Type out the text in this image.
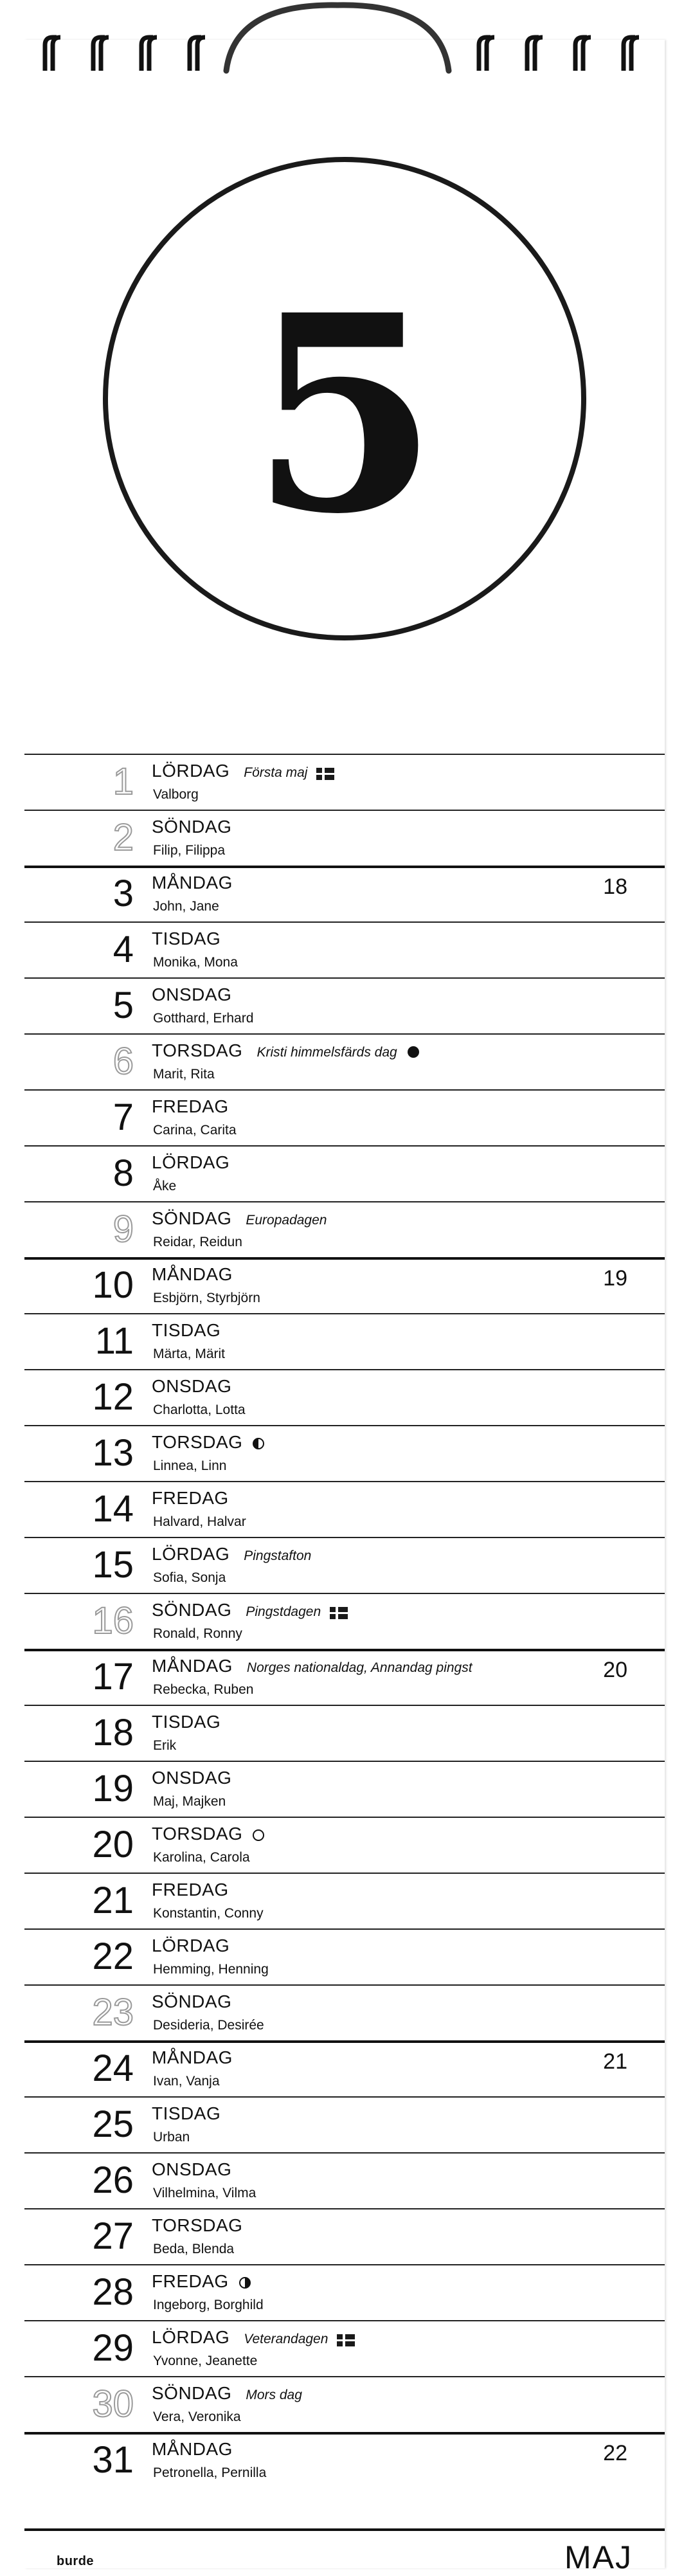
5
1 LÖRDAG Första maj
Valborg
2 SÖNDAG
Filip, Filippa
3 MÅNDAG
John, Jane
18
4 TISDAG
Monika, Mona
5 ONSDAG
Gotthard, Erhard
6 TORSDAG Kristi himmelsfärds dag
Marit, Rita
7 FREDAG
Carina, Carita
8 LÖRDAG
Åke
9 SÖNDAG Europadagen
Reidar, Reidun
10 MÅNDAG
Esbjörn, Styrbjörn
19
11 TISDAG
Märta, Märit
12 ONSDAG
Charlotta, Lotta
13 TORSDAG
Linnea, Linn
14 FREDAG
Halvard, Halvar
15 LÖRDAG Pingstafton
Sofia, Sonja
16 SÖNDAG Pingstdagen
Ronald, Ronny
17 MÅNDAG Norges nationaldag, Annandag pingst
Rebecka, Ruben
20
18 TISDAG
Erik
19 ONSDAG
Maj, Majken
20 TORSDAG
Karolina, Carola
21 FREDAG
Konstantin, Conny
22 LÖRDAG
Hemming, Henning
23 SÖNDAG
Desideria, Desirée
24 MÅNDAG
Ivan, Vanja
21
25 TISDAG
Urban
26 ONSDAG
Vilhelmina, Vilma
27 TORSDAG
Beda, Blenda
28 FREDAG
Ingeborg, Borghild
29 LÖRDAG Veterandagen
Yvonne, Jeanette
30 SÖNDAG Mors dag
Vera, Veronika
31 MÅNDAG
Petronella, Pernilla
22
burde	MAJ
